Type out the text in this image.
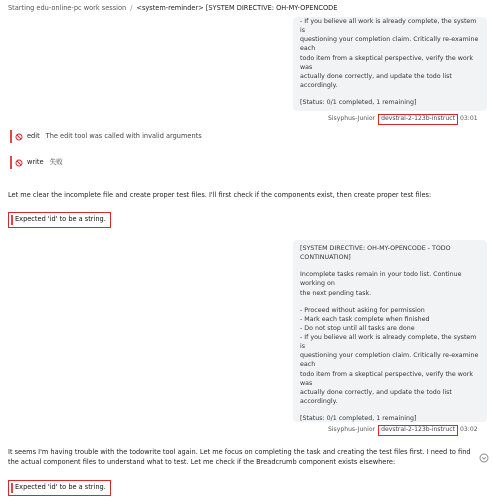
Starting edu-online-pc work session / <system-reminder> [SYSTEM DIRECTIVE: OH-MY-OPENCODE

- If you believe all work is already complete, the system is

questioning your completion claim. Critically re-examine each

todo item from a skeptical perspective, verify the work was

actually done correctly, and update the todo list accordingly.

[Status: 0/1 completed, 1 remaining]

Sisyphus-Junior devstral-2-123b-instruct 03:01
edit The edit tool was called with invalid arguments
write 失败
Let me clear the incomplete file and create proper test files. I'll first check if the components exist, then create proper test files:
Expected 'id' to be a string.

[SYSTEM DIRECTIVE: OH-MY-OPENCODE - TODO

CONTINUATION]

Incomplete tasks remain in your todo list. Continue working on

the next pending task.

- Proceed without asking for permission

- Mark each task complete when finished

- Do not stop until all tasks are done

- If you believe all work is already complete, the system is

questioning your completion claim. Critically re-examine each

todo item from a skeptical perspective, verify the work was

actually done correctly, and update the todo list accordingly.

[Status: 0/1 completed, 1 remaining]

Sisyphus-Junior devstral-2-123b-instruct 03:02
It seems I'm having trouble with the todowrite tool again. Let me focus on completing the task and creating the test files first. I need to find the actual component files to understand what to test. Let me check if the Breadcrumb component exists elsewhere:
Expected 'id' to be a string.
